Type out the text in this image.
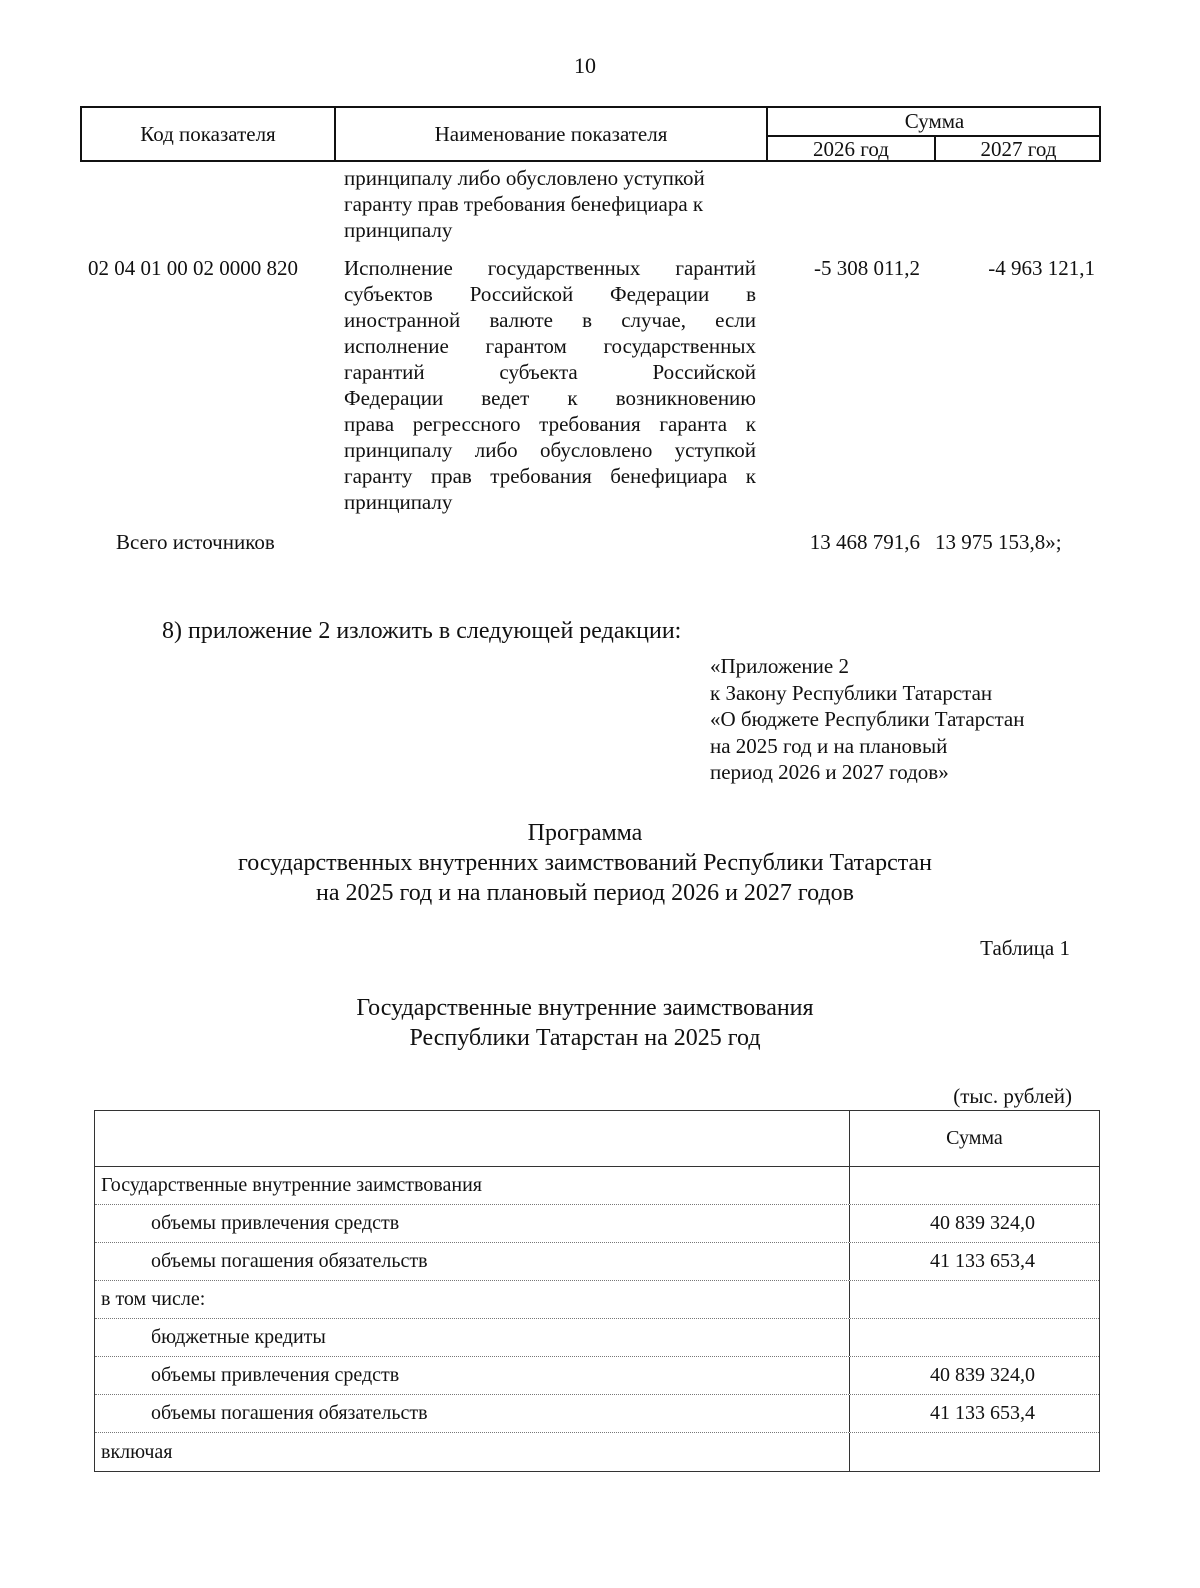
10
Код показателя	Наименование показателя
Сумма
2026 год	2027 год
принципалу либо обусловлено уступкой
гаранту прав требования бенефициара к
принципалу
02 04 01 00 02 0000 820	Исполнение государственных гарантий
субъектов Российской Федерации в
иностранной валюте в случае, если
исполнение гарантом государственных
гарантий субъекта Российской
Федерации ведет к возникновению
права регрессного требования гаранта к
принципалу либо обусловлено уступкой
гаранту прав требования бенефициара к
принципалу
-5 308 011,2	-4 963 121,1
Всего источников	13 468 791,6 13 975 153,8»;
8) приложение 2 изложить в следующей редакции:
«Приложение 2
к Закону Республики Татарстан
«О бюджете Республики Татарстан
на 2025 год и на плановый
период 2026 и 2027 годов»
Программа
государственных внутренних заимствований Республики Татарстан
на 2025 год и на плановый период 2026 и 2027 годов
Таблица 1
Государственные внутренние заимствования
Республики Татарстан на 2025 год
(тыс. рублей)
Сумма
Государственные внутренние заимствования
объемы привлечения средств	40 839 324,0
объемы погашения обязательств	41 133 653,4
в том числе:
бюджетные кредиты
объемы привлечения средств	40 839 324,0
объемы погашения обязательств	41 133 653,4
включая
